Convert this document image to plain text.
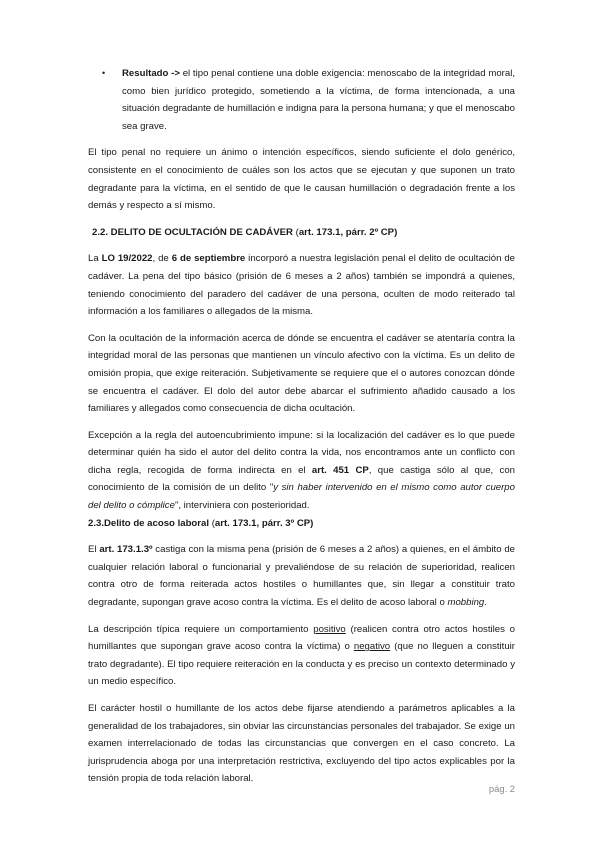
• Resultado -> el tipo penal contiene una doble exigencia: menoscabo de la integridad moral, como bien jurídico protegido, sometiendo a la víctima, de forma intencionada, a una situación degradante de humillación e indigna para la persona humana; y que el menoscabo sea grave.

El tipo penal no requiere un ánimo o intención específicos, siendo suficiente el dolo genérico, consistente en el conocimiento de cuáles son los actos que se ejecutan y que suponen un trato degradante para la víctima, en el sentido de que le causan humillación o degradación frente a los demás y respecto a sí mismo.

2.2. DELITO DE OCULTACIÓN DE CADÁVER (art. 173.1, párr. 2º CP)

La LO 19/2022, de 6 de septiembre incorporó a nuestra legislación penal el delito de ocultación de cadáver. La pena del tipo básico (prisión de 6 meses a 2 años) también se impondrá a quienes, teniendo conocimiento del paradero del cadáver de una persona, oculten de modo reiterado tal información a los familiares o allegados de la misma.

Con la ocultación de la información acerca de dónde se encuentra el cadáver se atentaría contra la integridad moral de las personas que mantienen un vínculo afectivo con la víctima. Es un delito de omisión propia, que exige reiteración. Subjetivamente se requiere que el o autores conozcan dónde se encuentra el cadáver. El dolo del autor debe abarcar el sufrimiento añadido causado a los familiares y allegados como consecuencia de dicha ocultación.

Excepción a la regla del autoencubrimiento impune: si la localización del cadáver es lo que puede determinar quién ha sido el autor del delito contra la vida, nos encontramos ante un conflicto con dicha regla, recogida de forma indirecta en el art. 451 CP, que castiga sólo al que, con conocimiento de la comisión de un delito "y sin haber intervenido en el mismo como autor cuerpo del delito o cómplice", interviniera con posterioridad.

2.3.Delito de acoso laboral (art. 173.1, párr. 3º CP)

El art. 173.1.3º castiga con la misma pena (prisión de 6 meses a 2 años) a quienes, en el ámbito de cualquier relación laboral o funcionarial y prevaliéndose de su relación de superioridad, realicen contra otro de forma reiterada actos hostiles o humillantes que, sin llegar a constituir trato degradante, supongan grave acoso contra la víctima. Es el delito de acoso laboral o mobbing.

La descripción típica requiere un comportamiento positivo (realicen contra otro actos hostiles o humillantes que supongan grave acoso contra la víctima) o negativo (que no lleguen a constituir trato degradante). El tipo requiere reiteración en la conducta y es preciso un contexto determinado y un medio específico.

El carácter hostil o humillante de los actos debe fijarse atendiendo a parámetros aplicables a la generalidad de los trabajadores, sin obviar las circunstancias personales del trabajador. Se exige un examen interrelacionado de todas las circunstancias que convergen en el caso concreto. La jurisprudencia aboga por una interpretación restrictiva, excluyendo del tipo actos explicables por la tensión propia de toda relación laboral.

pág. 2
